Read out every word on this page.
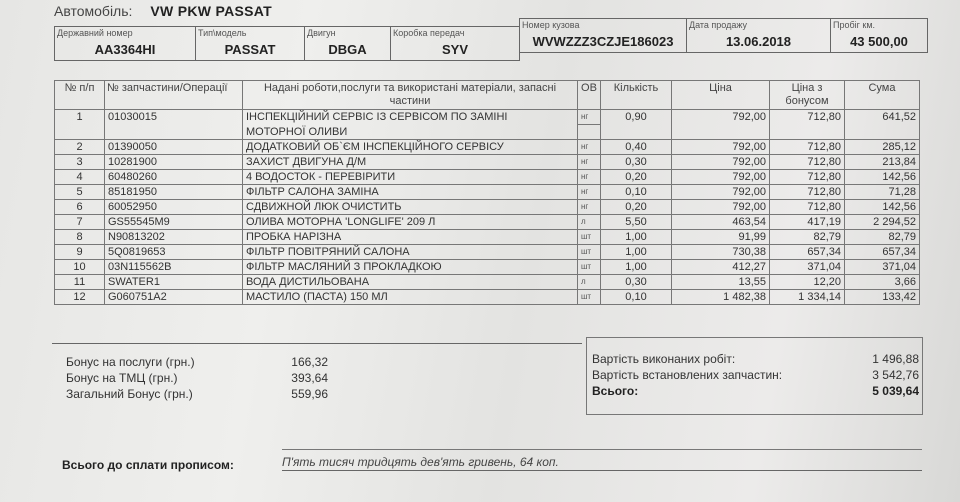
Автомобіль: VW PKW PASSAT
Державний номер
AA3364HI
Тип\модель
PASSAT
Двигун
DBGA
Коробка передач
SYV
Номер кузова
WVWZZZ3CZJE186023
Дата продажу
13.06.2018
Пробіг км.
43 500,00
№ п/п	№ запчастини/Операції	Надані роботи,послуги та використані матеріали, запасні частини	ОВ	Кількість	Ціна	Ціна з бонусом	Сума
1	01030015	ІНСПЕКЦІЙНИЙ СЕРВІС ІЗ СЕРВІСОМ ПО ЗАМІНІ	нг	0,90	792,00	712,80	641,52
		МОТОРНОЇ ОЛИВИ					
2	01390050	ДОДАТКОВИЙ ОБ`ЄМ ІНСПЕКЦІЙНОГО СЕРВІСУ	нг	0,40	792,00	712,80	285,12
3	10281900	ЗАХИСТ ДВИГУНА Д/М	нг	0,30	792,00	712,80	213,84
4	60480260	4 ВОДОСТОК - ПЕРЕВІРИТИ	нг	0,20	792,00	712,80	142,56
5	85181950	ФІЛЬТР САЛОНА ЗАМІНА	нг	0,10	792,00	712,80	71,28
6	60052950	СДВИЖНОЙ ЛЮК ОЧИСТИТЬ	нг	0,20	792,00	712,80	142,56
7	GS55545M9	ОЛИВА МОТОРНА 'LONGLIFE' 209 Л	л	5,50	463,54	417,19	2 294,52
8	N90813202	ПРОБКА НАРІЗНА	шт	1,00	91,99	82,79	82,79
9	5Q0819653	ФІЛЬТР ПОВІТРЯНИЙ САЛОНА	шт	1,00	730,38	657,34	657,34
10	03N115562B	ФІЛЬТР МАСЛЯНИЙ З ПРОКЛАДКОЮ	шт	1,00	412,27	371,04	371,04
11	SWATER1	ВОДА ДИСТИЛЬОВАНА	л	0,30	13,55	12,20	3,66
12	G060751A2	МАСТИЛО (ПАСТА) 150 МЛ	шт	0,10	1 482,38	1 334,14	133,42
Бонус на послуги (грн.)	166,32
Бонус на ТМЦ (грн.)	393,64
Загальний Бонус (грн.)	559,96
Вартість виконаних робіт:	1 496,88
Вартість встановлених запчастин:	3 542,76
Всього:	5 039,64
Всього до сплати прописом:	П'ять тисяч тридцять дев'ять гривень, 64 коп.
